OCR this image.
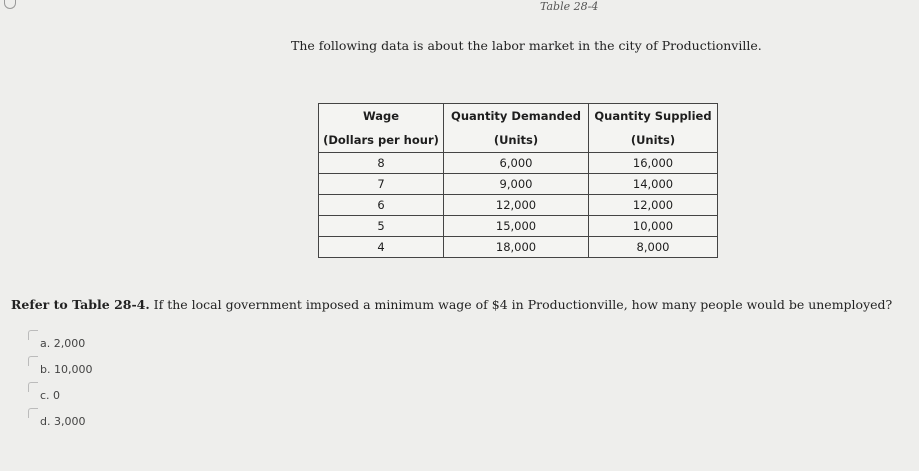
Table 28-4
The following data is about the labor market in the city of Productionville.
Wage	Quantity Demanded	Quantity Supplied
(Dollars per hour)	(Units)	(Units)
8	6,000	16,000
7	9,000	14,000
6	12,000	12,000
5	15,000	10,000
4	18,000	8,000
Refer to Table 28-4. If the local government imposed a minimum wage of $4 in Productionville, how many people would be unemployed?
a. 2,000
b. 10,000
c. 0
d. 3,000
